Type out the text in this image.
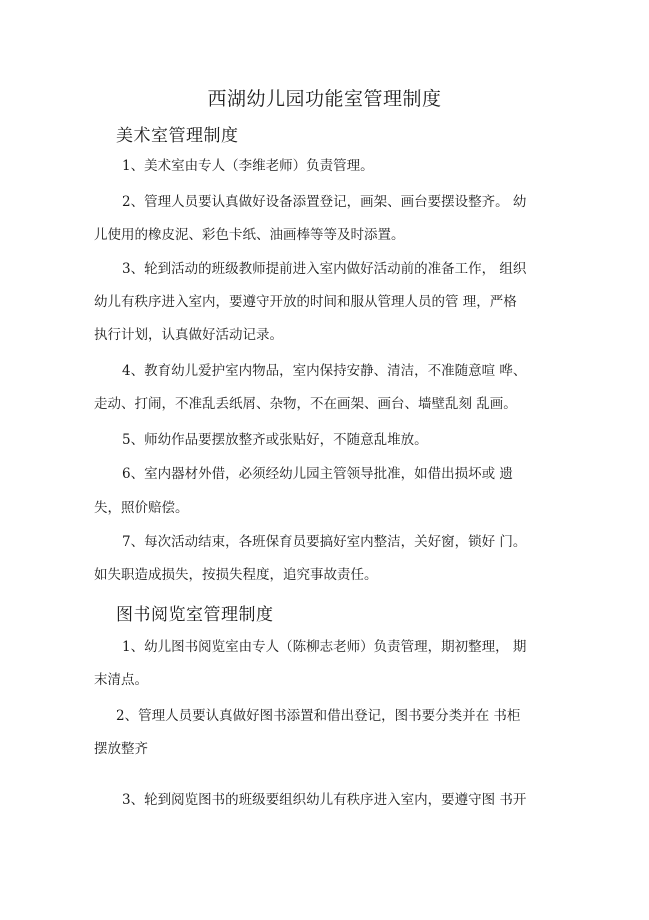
西湖幼儿园功能室管理制度
美术室管理制度

1、美术室由专人（李维老师）负责管理。

2、管理人员要认真做好设备添置登记，画架、画台要摆设整齐。 幼

儿使用的橡皮泥、彩色卡纸、油画棒等等及时添置。

3、轮到活动的班级教师提前进入室内做好活动前的准备工作， 组织

幼儿有秩序进入室内，要遵守开放的时间和服从管理人员的管 理，严格

执行计划，认真做好活动记录。

4、教育幼儿爱护室内物品，室内保持安静、清洁，不准随意喧 哗、

走动、打闹，不准乱丢纸屑、杂物，不在画架、画台、墙壁乱刻 乱画。

5、师幼作品要摆放整齐或张贴好，不随意乱堆放。

6、室内器材外借，必须经幼儿园主管领导批准，如借出损坏或 遗

失，照价赔偿。

7、每次活动结束，各班保育员要搞好室内整洁，关好窗，锁好 门。

如失职造成损失，按损失程度，追究事故责任。

图书阅览室管理制度

1、幼儿图书阅览室由专人（陈柳志老师）负责管理，期初整理， 期

末清点。

2、管理人员要认真做好图书添置和借出登记，图书要分类并在 书柜

摆放整齐

3、轮到阅览图书的班级要组织幼儿有秩序进入室内，要遵守图 书开
